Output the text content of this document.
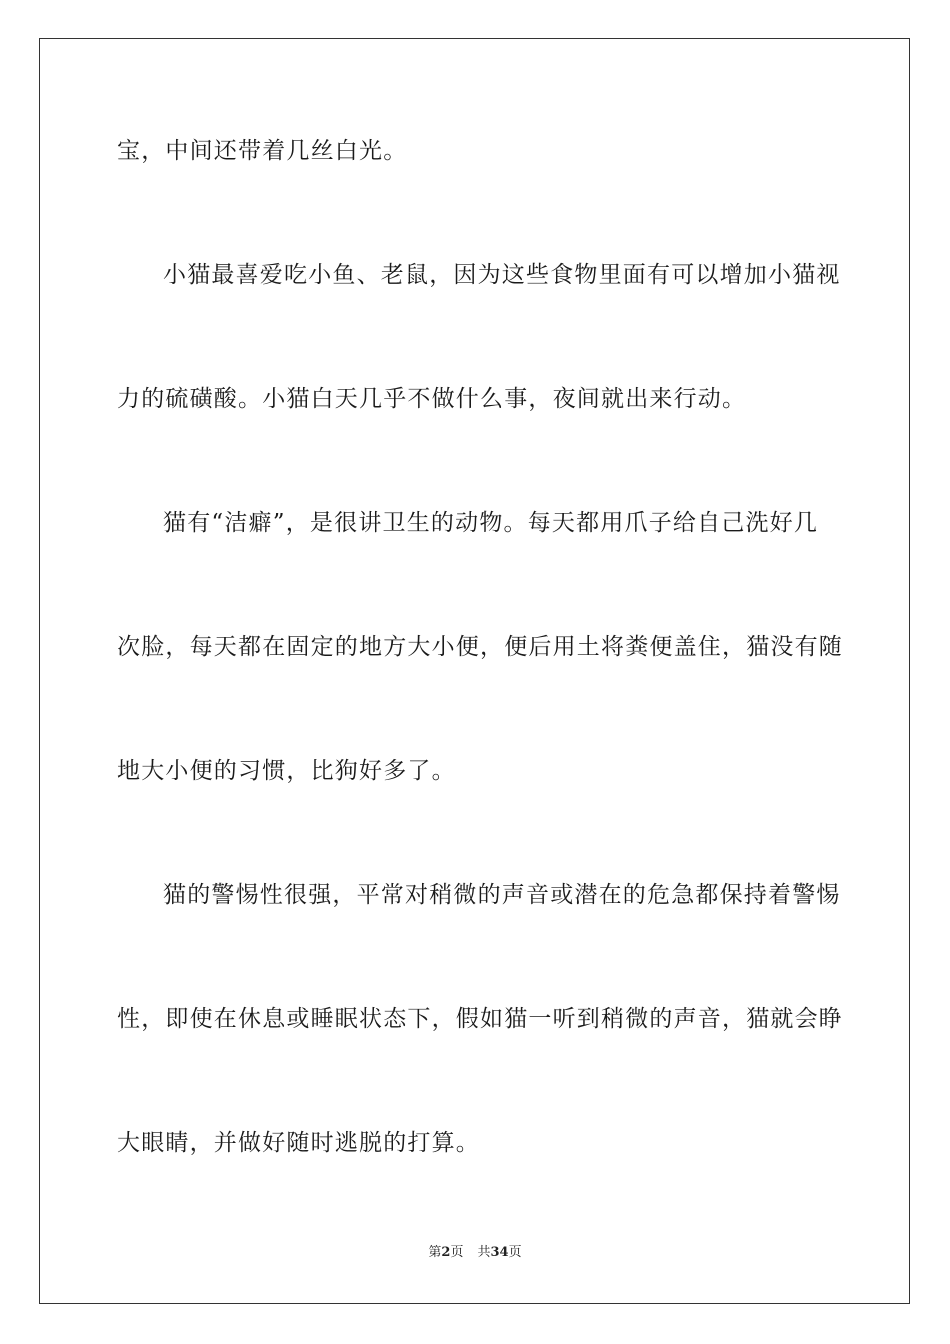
宝，中间还带着几丝白光。
小猫最喜爱吃小鱼、老鼠，因为这些食物里面有可以增加小猫视
力的硫磺酸。小猫白天几乎不做什么事，夜间就出来行动。
猫有“洁癖”，是很讲卫生的动物。每天都用爪子给自己洗好几
次脸，每天都在固定的地方大小便，便后用土将粪便盖住，猫没有随
地大小便的习惯，比狗好多了。
猫的警惕性很强，平常对稍微的声音或潜在的危急都保持着警惕
性，即使在休息或睡眠状态下，假如猫一听到稍微的声音，猫就会睁
大眼睛，并做好随时逃脱的打算。
第2页 共34页
